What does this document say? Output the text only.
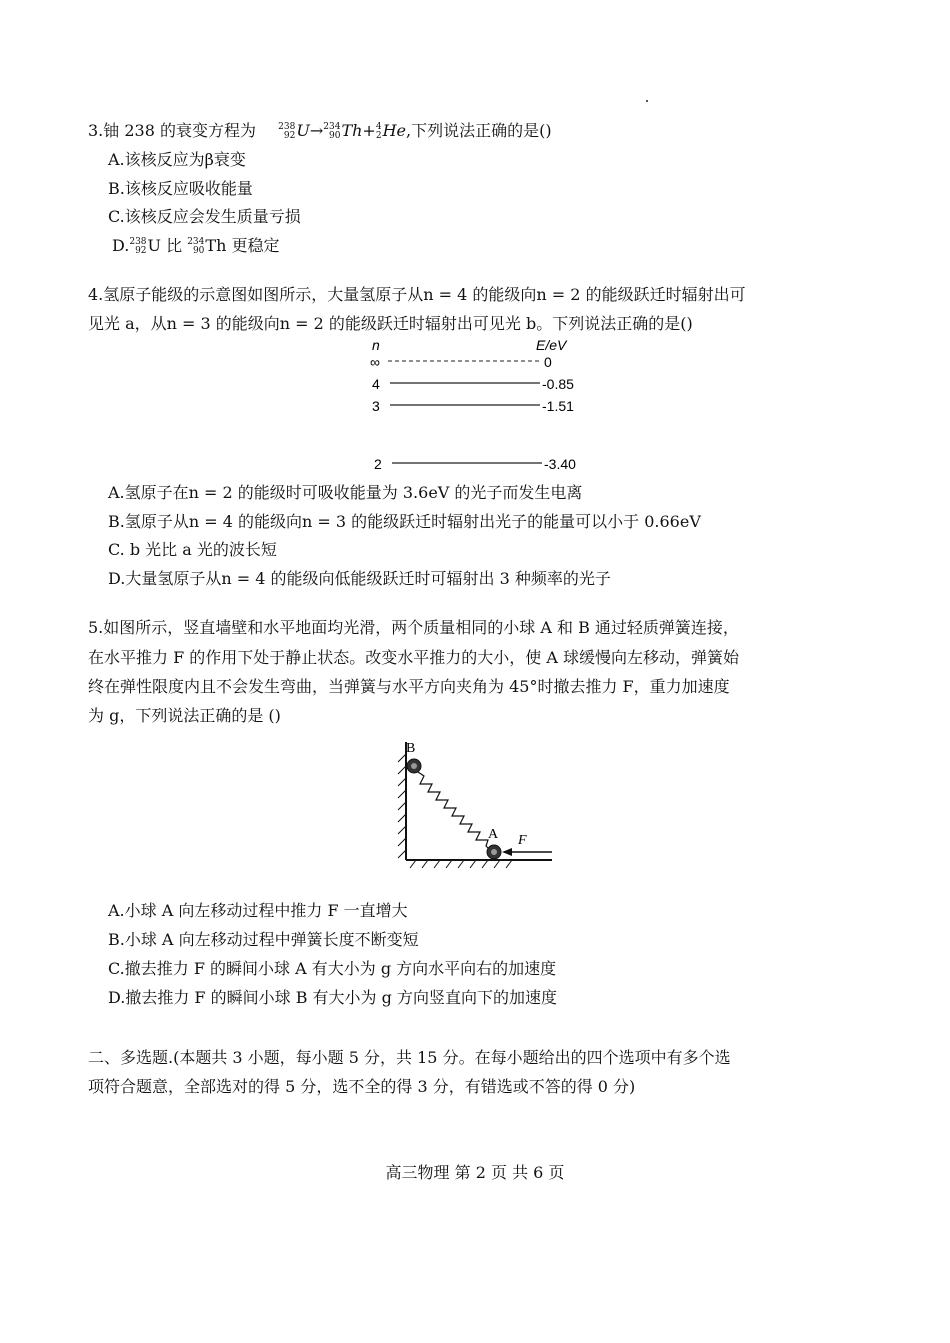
3.铀 238 的衰变方程为 238
92 U→ 234
90 Th+ 4
2 He,下列说法正确的是()
A.该核反应为β衰变
B.该核反应吸收能量
C.该核反应会发生质量亏损
D. 238
92 U 比 234
90 Th 更稳定
4.氢原子能级的示意图如图所示，大量氢原子从n = 4 的能级向n = 2 的能级跃迁时辐射出可
见光 a，从n = 3 的能级向n = 2 的能级跃迁时辐射出可见光 b。下列说法正确的是()
n	E/eV
∞	0
4	-0.85
3	-1.51
2	-3.40
A.氢原子在n = 2 的能级时可吸收能量为 3.6eV 的光子而发生电离
B.氢原子从n = 4 的能级向n = 3 的能级跃迁时辐射出光子的能量可以小于 0.66eV
C. b 光比 a 光的波长短
D.大量氢原子从n = 4 的能级向低能级跃迁时可辐射出 3 种频率的光子
5.如图所示，竖直墙壁和水平地面均光滑，两个质量相同的小球 A 和 B 通过轻质弹簧连接，
在水平推力 F 的作用下处于静止状态。改变水平推力的大小，使 A 球缓慢向左移动，弹簧始
终在弹性限度内且不会发生弯曲，当弹簧与水平方向夹角为 45°时撤去推力 F，重力加速度
为 g，下列说法正确的是 ()
B
A F
A.小球 A 向左移动过程中推力 F 一直增大
B.小球 A 向左移动过程中弹簧长度不断变短
C.撤去推力 F 的瞬间小球 A 有大小为 g 方向水平向右的加速度
D.撤去推力 F 的瞬间小球 B 有大小为 g 方向竖直向下的加速度
二、多选题.(本题共 3 小题，每小题 5 分，共 15 分。在每小题给出的四个选项中有多个选
项符合题意，全部选对的得 5 分，选不全的得 3 分，有错选或不答的得 0 分)
高三物理 第 2 页 共 6 页
